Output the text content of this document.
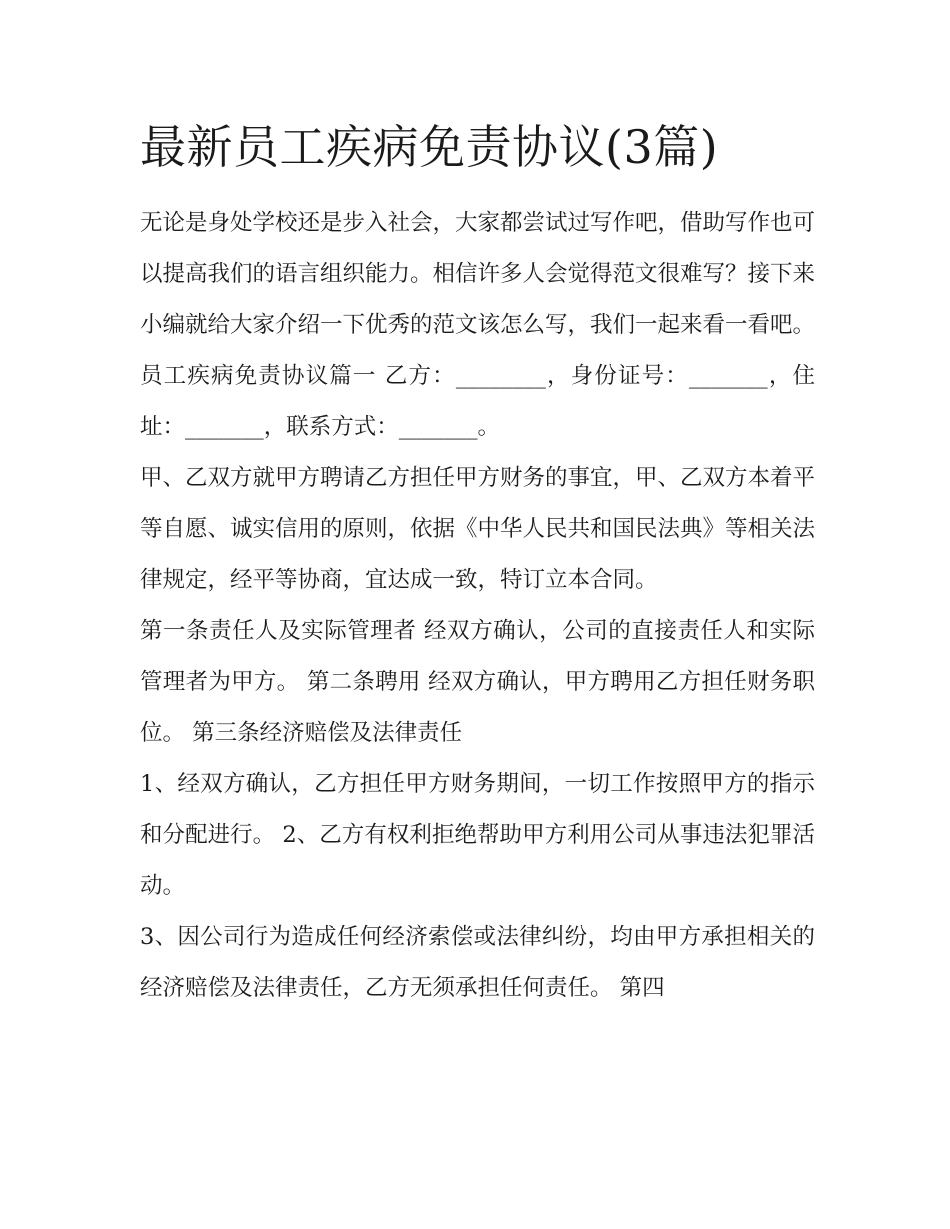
最新员工疾病免责协议(3篇)

无论是身处学校还是步入社会，大家都尝试过写作吧，借助写作也可以提高我们的语言组织能力。相信许多人会觉得范文很难写？接下来小编就给大家介绍一下优秀的范文该怎么写，我们一起来看一看吧。

员工疾病免责协议篇一 乙方：________，身份证号：_______，住址：_______，联系方式：_______。

甲、乙双方就甲方聘请乙方担任甲方财务的事宜，甲、乙双方本着平等自愿、诚实信用的原则，依据《中华人民共和国民法典》等相关法律规定，经平等协商，宜达成一致，特订立本合同。

第一条责任人及实际管理者 经双方确认，公司的直接责任人和实际管理者为甲方。 第二条聘用 经双方确认，甲方聘用乙方担任财务职位。 第三条经济赔偿及法律责任

1、经双方确认，乙方担任甲方财务期间，一切工作按照甲方的指示和分配进行。 2、乙方有权利拒绝帮助甲方利用公司从事违法犯罪活动。

3、因公司行为造成任何经济索偿或法律纠纷，均由甲方承担相关的经济赔偿及法律责任，乙方无须承担任何责任。 第四
